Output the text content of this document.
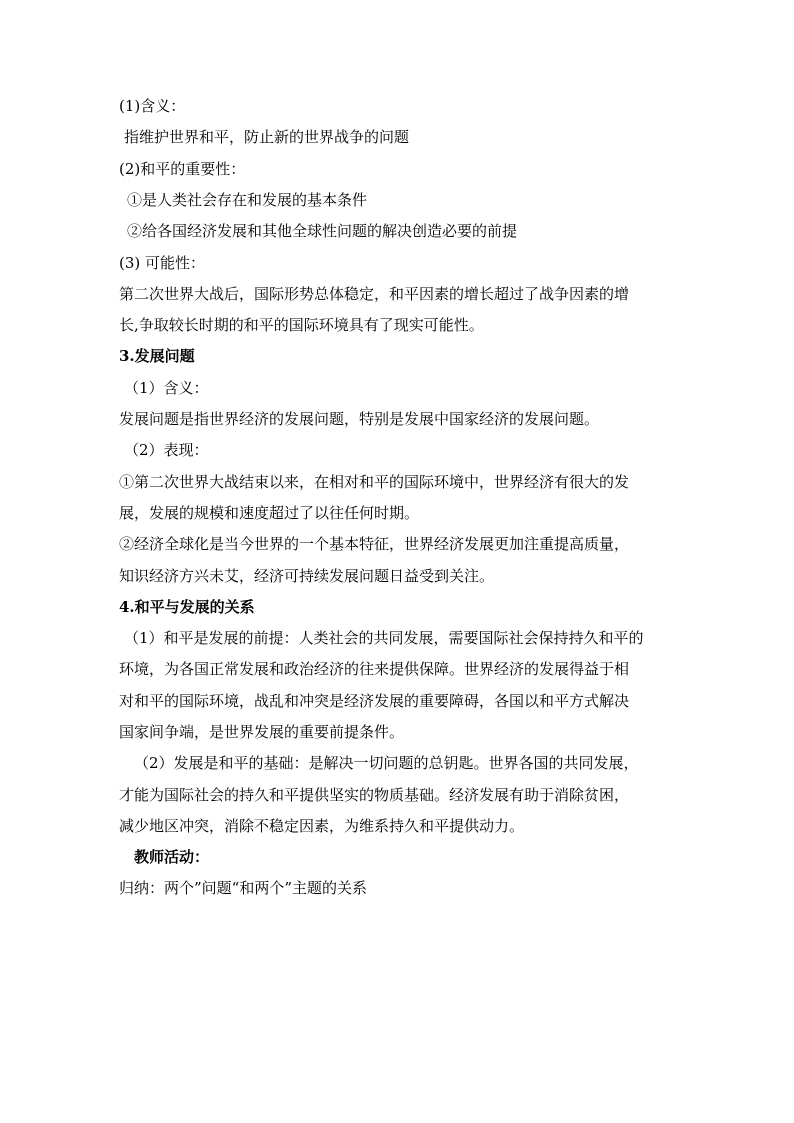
(1)含义：

指维护世界和平，防止新的世界战争的问题

(2)和平的重要性：

①是人类社会存在和发展的基本条件

②给各国经济发展和其他全球性问题的解决创造必要的前提

(3) 可能性：

第二次世界大战后，国际形势总体稳定，和平因素的增长超过了战争因素的增

长,争取较长时期的和平的国际环境具有了现实可能性。

3.发展问题

（1）含义：

发展问题是指世界经济的发展问题，特别是发展中国家经济的发展问题。

（2）表现：

①第二次世界大战结束以来，在相对和平的国际环境中，世界经济有很大的发

展，发展的规模和速度超过了以往任何时期。

②经济全球化是当今世界的一个基本特征，世界经济发展更加注重提高质量，

知识经济方兴未艾，经济可持续发展问题日益受到关注。

4.和平与发展的关系

（1）和平是发展的前提：人类社会的共同发展，需要国际社会保持持久和平的

环境，为各国正常发展和政治经济的往来提供保障。世界经济的发展得益于相

对和平的国际环境，战乱和冲突是经济发展的重要障碍，各国以和平方式解决

国家间争端，是世界发展的重要前提条件。

（2）发展是和平的基础：是解决一切问题的总钥匙。世界各国的共同发展，

才能为国际社会的持久和平提供坚实的物质基础。经济发展有助于消除贫困，

减少地区冲突，消除不稳定因素，为维系持久和平提供动力。

教师活动：

归纳：两个”问题“和两个”主题的关系
